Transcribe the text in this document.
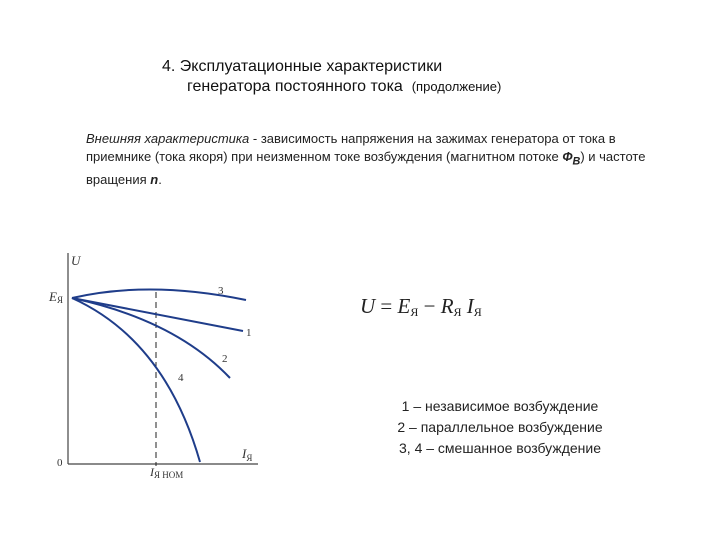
4. Эксплуатационные характеристики
генератора постоянного тока (продолжение)
Внешняя характеристика - зависимость напряжения на зажимах генератора от тока в приемнике (тока якоря) при неизменном токе возбуждения (магнитном потоке $Ф_В$) и частоте вращения n.
U
EЯ
0
$I_Я$
IЯ НОМ
3
1
2
4
$U = E_Я - R_Я$ $I_Я$
1 – независимое возбуждение
2 – параллельное возбуждение
3, 4 – смешанное возбуждение
